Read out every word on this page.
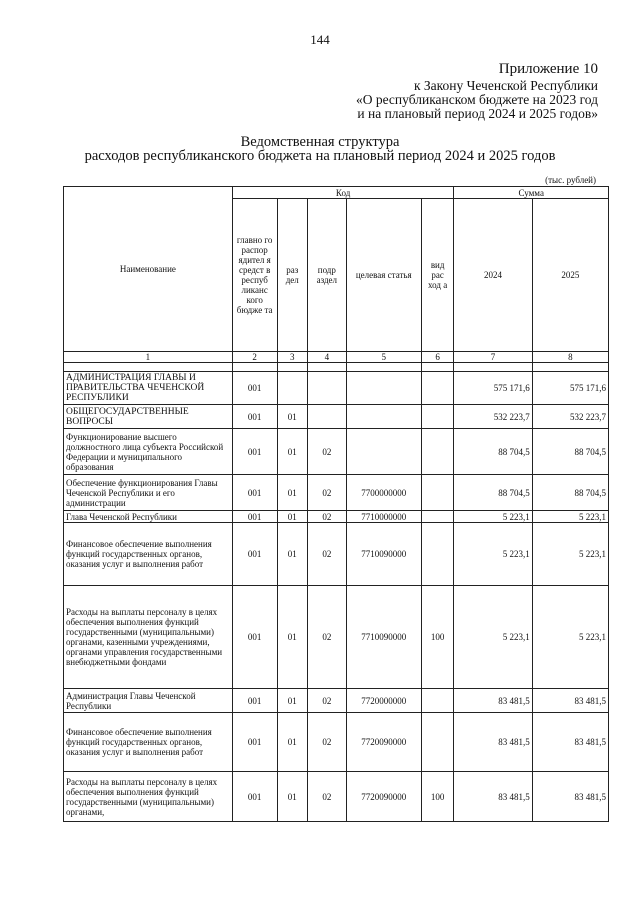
144
Приложение 10
к Закону Чеченской Республики
«О республиканском бюджете на 2023 год
и на плановый период 2024 и 2025 годов»
Ведомственная структура
расходов республиканского бюджета на плановый период 2024 и 2025 годов
(тыс. рублей)
Наименование	Код					Сумма	
	главно го распор ядител я средст в респуб ликанс кого бюдже та	раз дел	подр аздел	целевая статья	вид рас ход а	2024	2025
1	2	3	4	5	6	7	8

АДМИНИСТРАЦИЯ ГЛАВЫ И ПРАВИТЕЛЬСТВА ЧЕЧЕНСКОЙ РЕСПУБЛИКИ	001					575 171,6	575 171,6
ОБЩЕГОСУДАРСТВЕННЫЕ ВОПРОСЫ	001	01				532 223,7	532 223,7
Функционирование высшего должностного лица субъекта Российской Федерации и муниципального образования	001	01	02			88 704,5	88 704,5
Обеспечение функционирования Главы Чеченской Республики и его администрации	001	01	02	7700000000		88 704,5	88 704,5
Глава Чеченской Республики	001	01	02	7710000000		5 223,1	5 223,1
Финансовое обеспечение выполнения функций государственных органов, оказания услуг и выполнения работ	001	01	02	7710090000		5 223,1	5 223,1
Расходы на выплаты персоналу в целях обеспечения выполнения функций государственными (муниципальными) органами, казенными учреждениями, органами управления государственными внебюджетными фондами	001	01	02	7710090000	100	5 223,1	5 223,1
Администрация Главы Чеченской Республики	001	01	02	7720000000		83 481,5	83 481,5
Финансовое обеспечение выполнения функций государственных органов, оказания услуг и выполнения работ	001	01	02	7720090000		83 481,5	83 481,5
Расходы на выплаты персоналу в целях обеспечения выполнения функций государственными (муниципальными) органами,	001	01	02	7720090000	100	83 481,5	83 481,5
